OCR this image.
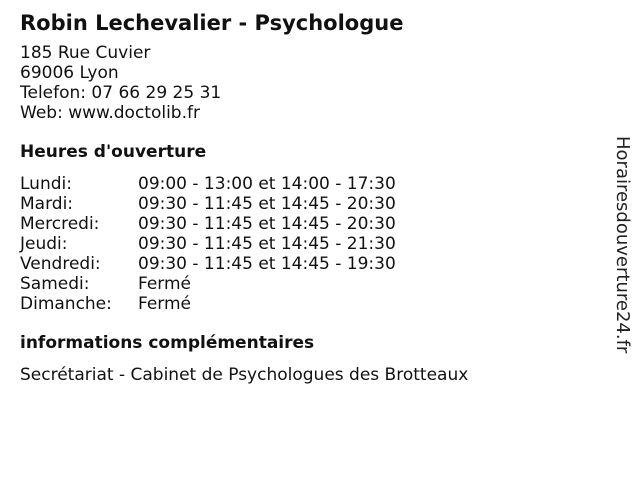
Robin Lechevalier - Psychologue
185 Rue Cuvier
69006 Lyon
Telefon: 07 66 29 25 31
Web: www.doctolib.fr
Heures d'ouverture
Lundi:	09:00 - 13:00 et 14:00 - 17:30
Mardi:	09:30 - 11:45 et 14:45 - 20:30
Mercredi:	09:30 - 11:45 et 14:45 - 20:30
Jeudi:	09:30 - 11:45 et 14:45 - 21:30
Vendredi:	09:30 - 11:45 et 14:45 - 19:30
Samedi:	Fermé
Dimanche:	Fermé
informations complémentaires
Secrétariat - Cabinet de Psychologues des Brotteaux
Horairesdouverture24.fr
